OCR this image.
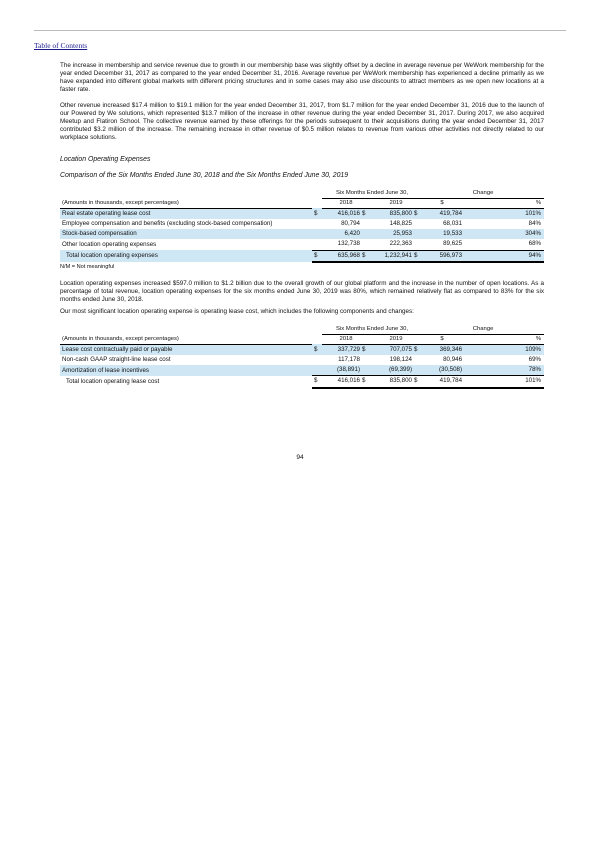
Table of Contents

The increase in membership and service revenue due to growth in our membership base was slightly offset by a decline in average revenue per WeWork membership for the year ended December 31, 2017 as compared to the year ended December 31, 2016. Average revenue per WeWork membership has experienced a decline primarily as we have expanded into different global markets with different pricing structures and in some cases may also use discounts to attract members as we open new locations at a faster rate.

Other revenue increased $17.4 million to $19.1 million for the year ended December 31, 2017, from $1.7 million for the year ended December 31, 2016 due to the launch of our Powered by We solutions, which represented $13.7 million of the increase in other revenue during the year ended December 31, 2017. During 2017, we also acquired Meetup and Flatiron School. The collective revenue earned by these offerings for the periods subsequent to their acquisitions during the year ended December 31, 2017 contributed $3.2 million of the increase. The remaining increase in other revenue of $0.5 million relates to revenue from various other activities not directly related to our workplace solutions.

Location Operating Expenses

Comparison of the Six Months Ended June 30, 2018 and the Six Months Ended June 30, 2019

		Six Months Ended June 30,				Change	
(Amounts in thousands, except percentages)		2018		2019		$	%
Real estate operating lease cost	$	416,016	$	835,800	$	419,784	101%
Employee compensation and benefits (excluding stock-based compensation)		80,794		148,825		68,031	84%
Stock-based compensation		6,420		25,953		19,533	304%
Other location operating expenses		132,738		222,363		89,625	68%
Total location operating expenses	$	635,968	$	1,232,941	$	596,973	94%

N/M = Not meaningful

Location operating expenses increased $597.0 million to $1.2 billion due to the overall growth of our global platform and the increase in the number of open locations. As a percentage of total revenue, location operating expenses for the six months ended June 30, 2019 was 80%, which remained relatively flat as compared to 83% for the six months ended June 30, 2018.

Our most significant location operating expense is operating lease cost, which includes the following components and changes:

		Six Months Ended June 30,				Change	
(Amounts in thousands, except percentages)		2018		2019		$	%
Lease cost contractually paid or payable	$	337,729	$	707,075	$	369,346	109%
Non-cash GAAP straight-line lease cost		117,178		198,124		80,946	69%
Amortization of lease incentives		(38,891)		(69,399)		(30,508)	78%
Total location operating lease cost	$	416,016	$	835,800	$	419,784	101%
94
